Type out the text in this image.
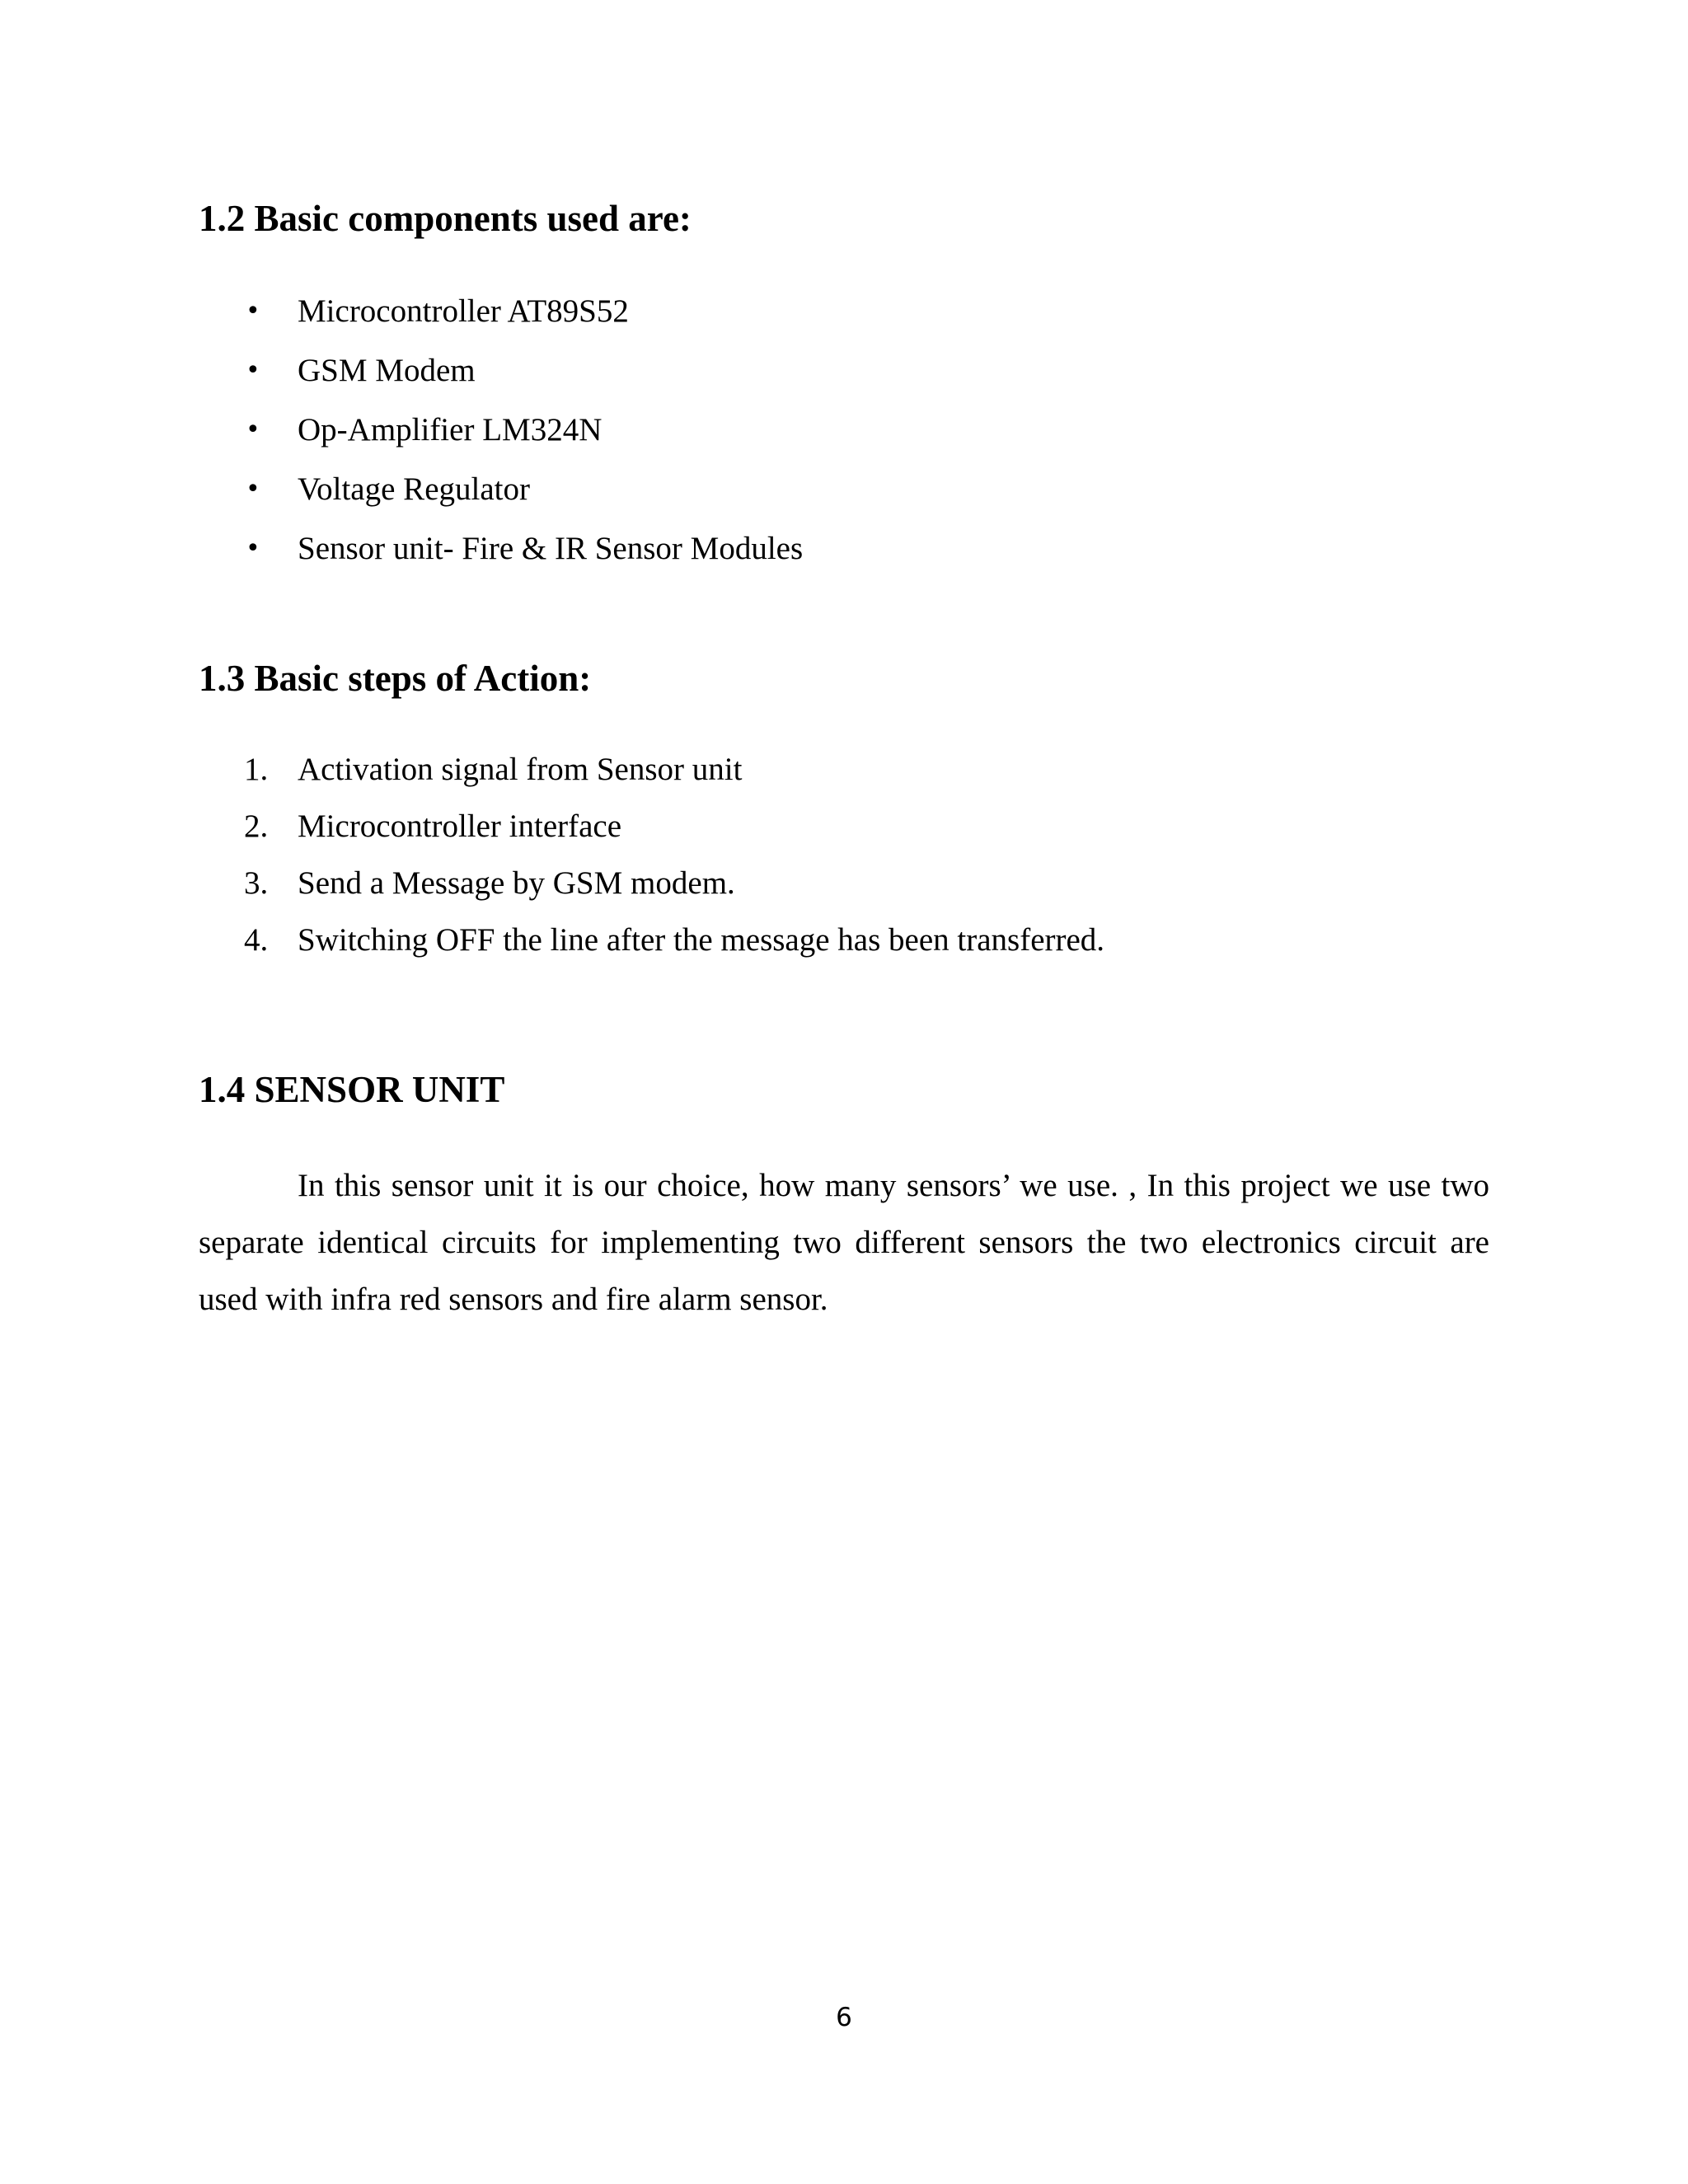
1.2 Basic components used are:
• Microcontroller AT89S52
• GSM Modem
• Op-Amplifier LM324N
• Voltage Regulator
• Sensor unit- Fire & IR Sensor Modules
1.3 Basic steps of Action:
1. Activation signal from Sensor unit
2. Microcontroller interface
3. Send a Message by GSM modem.
4. Switching OFF the line after the message has been transferred.
1.4 SENSOR UNIT

In this sensor unit it is our choice, how many sensors’ we use. , In this project we use two separate identical circuits for implementing two different sensors the two electronics circuit are used with infra red sensors and fire alarm sensor.

6
